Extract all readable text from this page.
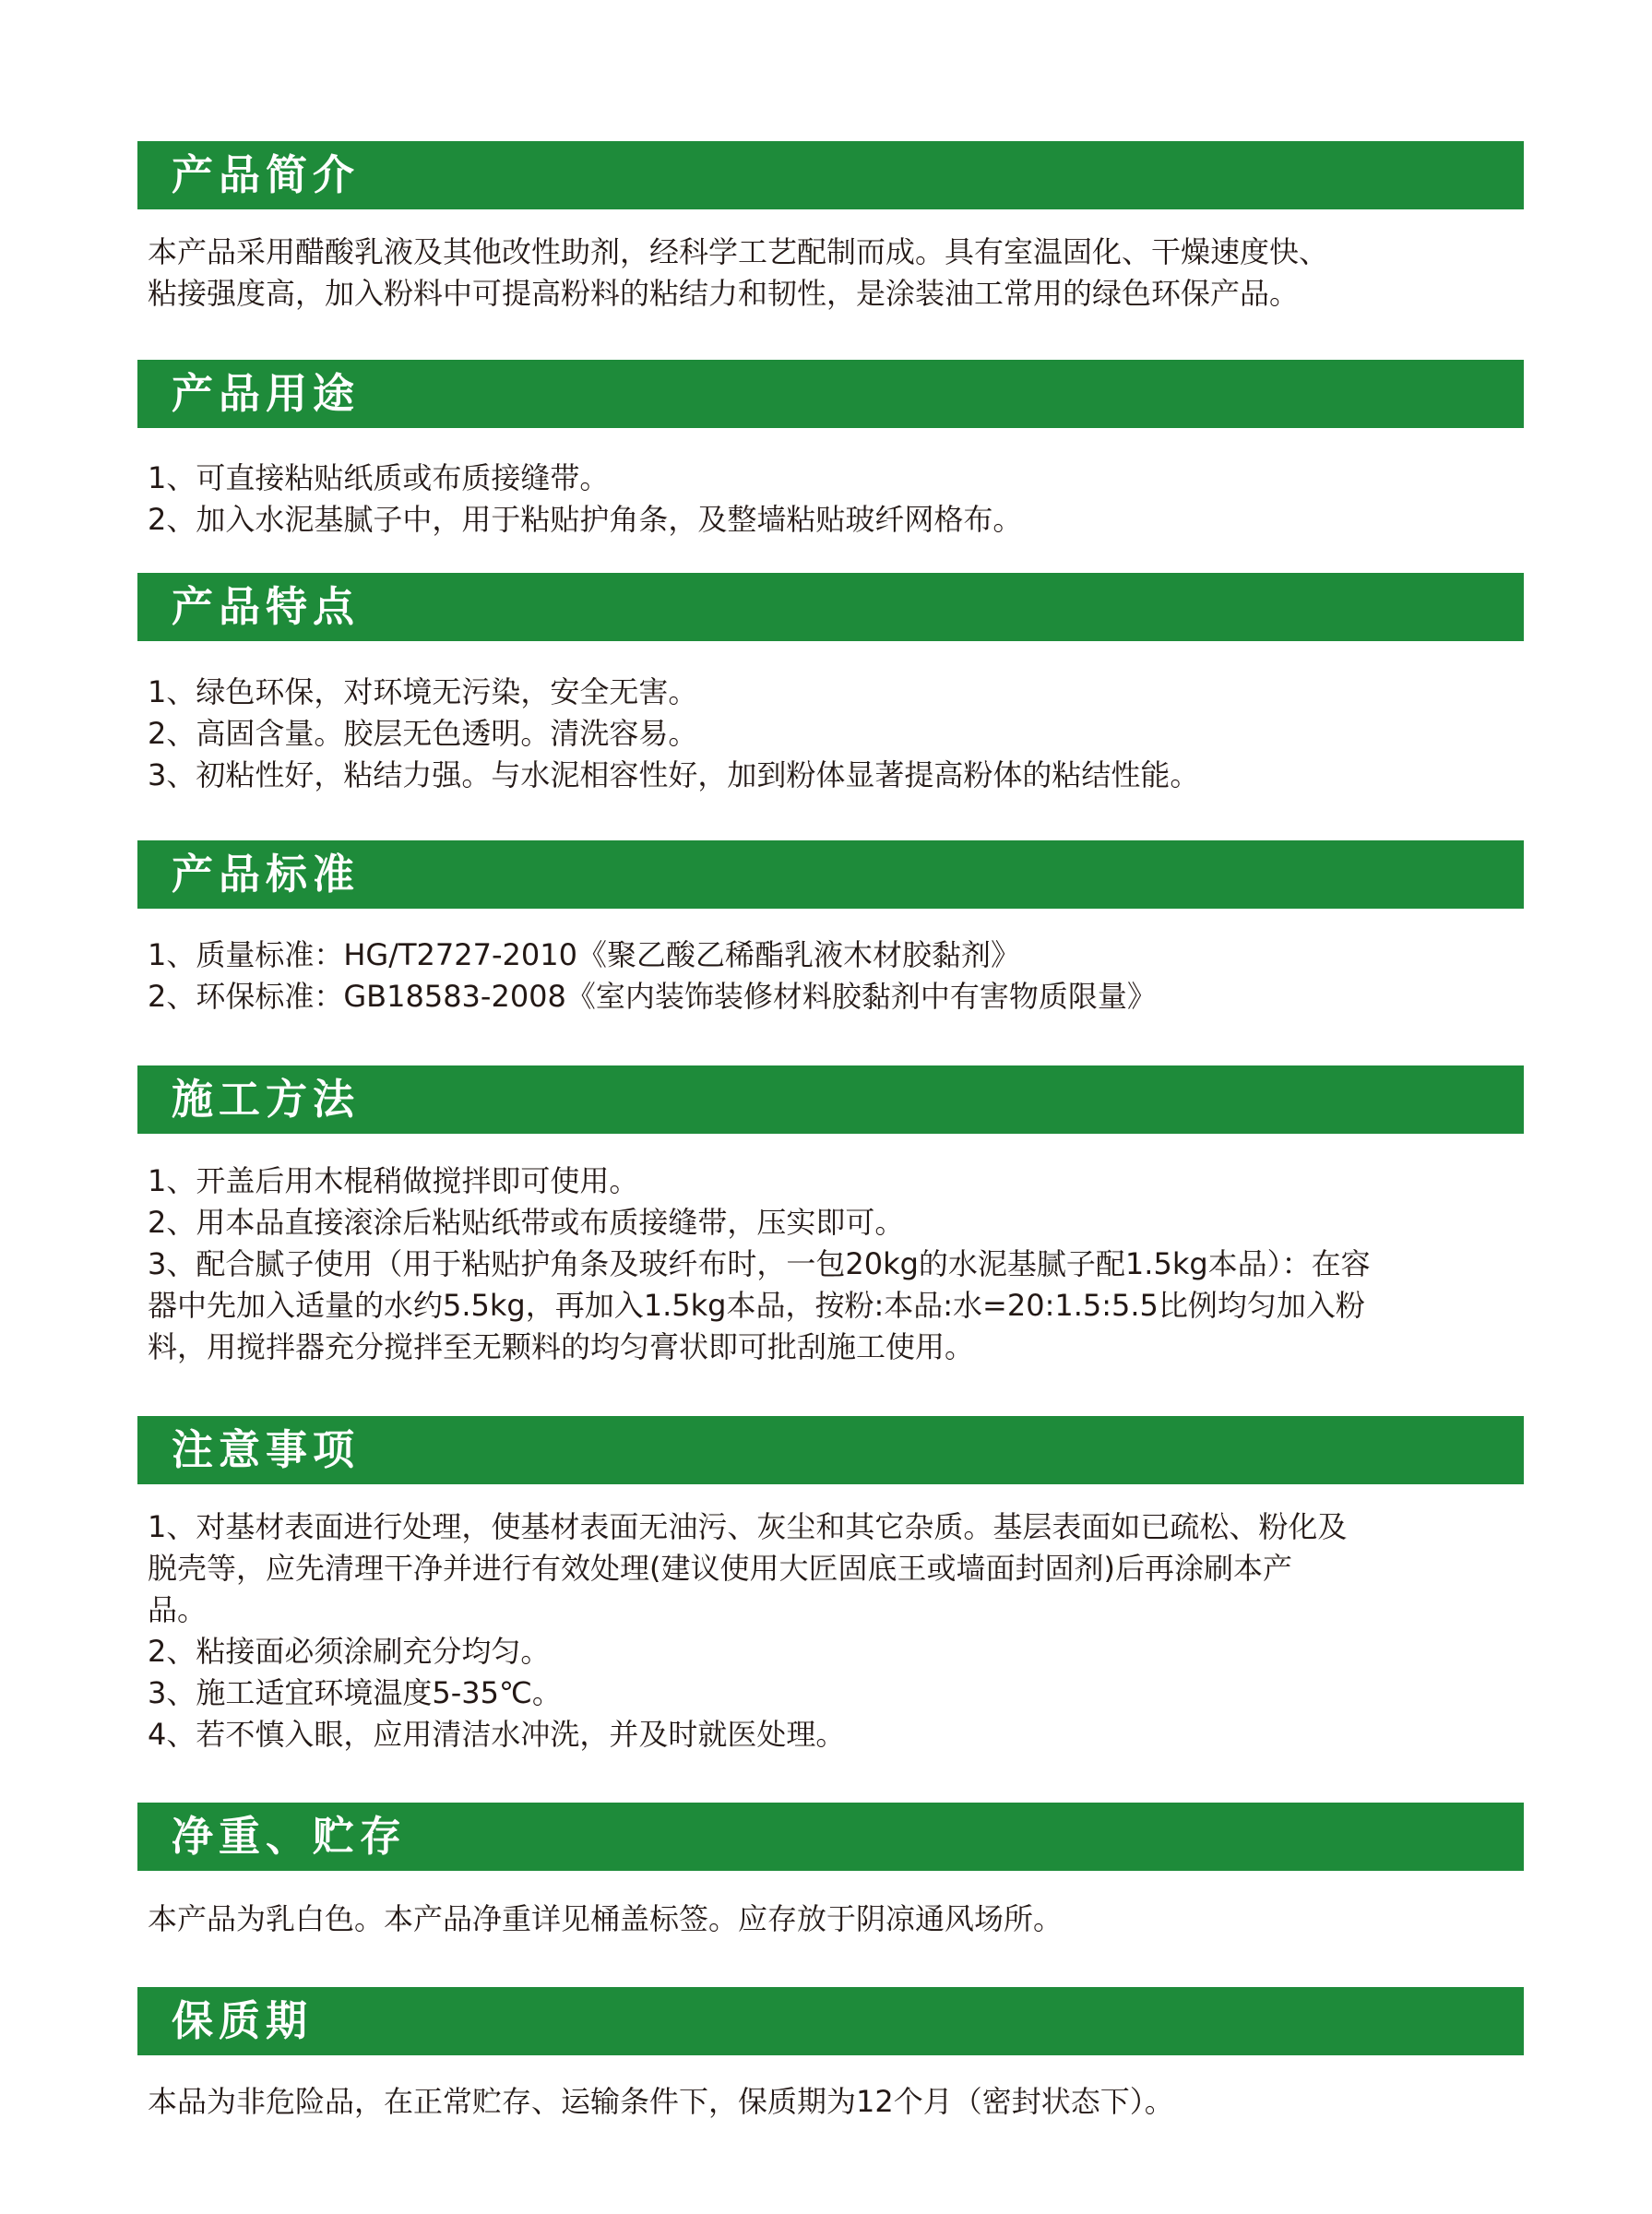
产品简介
本产品采用醋酸乳液及其他改性助剂，经科学工艺配制而成。具有室温固化、干燥速度快、
粘接强度高，加入粉料中可提高粉料的粘结力和韧性，是涂装油工常用的绿色环保产品。
产品用途
1、可直接粘贴纸质或布质接缝带。
2、加入水泥基腻子中，用于粘贴护角条，及整墙粘贴玻纤网格布。
产品特点
1、绿色环保，对环境无污染，安全无害。
2、高固含量。胶层无色透明。清洗容易。
3、初粘性好，粘结力强。与水泥相容性好，加到粉体显著提高粉体的粘结性能。
产品标准
1、质量标准：HG/T2727-2010《聚乙酸乙稀酯乳液木材胶黏剂》
2、环保标准：GB18583-2008《室内装饰装修材料胶黏剂中有害物质限量》
施工方法
1、开盖后用木棍稍做搅拌即可使用。
2、用本品直接滚涂后粘贴纸带或布质接缝带，压实即可。
3、配合腻子使用（用于粘贴护角条及玻纤布时，一包20kg的水泥基腻子配1.5kg本品）：在容
器中先加入适量的水约5.5kg，再加入1.5kg本品，按粉:本品:水=20:1.5:5.5比例均匀加入粉
料，用搅拌器充分搅拌至无颗料的均匀膏状即可批刮施工使用。
注意事项
1、对基材表面进行处理，使基材表面无油污、灰尘和其它杂质。基层表面如已疏松、粉化及
脱壳等，应先清理干净并进行有效处理(建议使用大匠固底王或墙面封固剂)后再涂刷本产
品。
2、粘接面必须涂刷充分均匀。
3、施工适宜环境温度5-35℃。
4、若不慎入眼，应用清洁水冲洗，并及时就医处理。
净重、贮存
本产品为乳白色。本产品净重详见桶盖标签。应存放于阴凉通风场所。
保质期
本品为非危险品，在正常贮存、运输条件下，保质期为12个月（密封状态下）。
